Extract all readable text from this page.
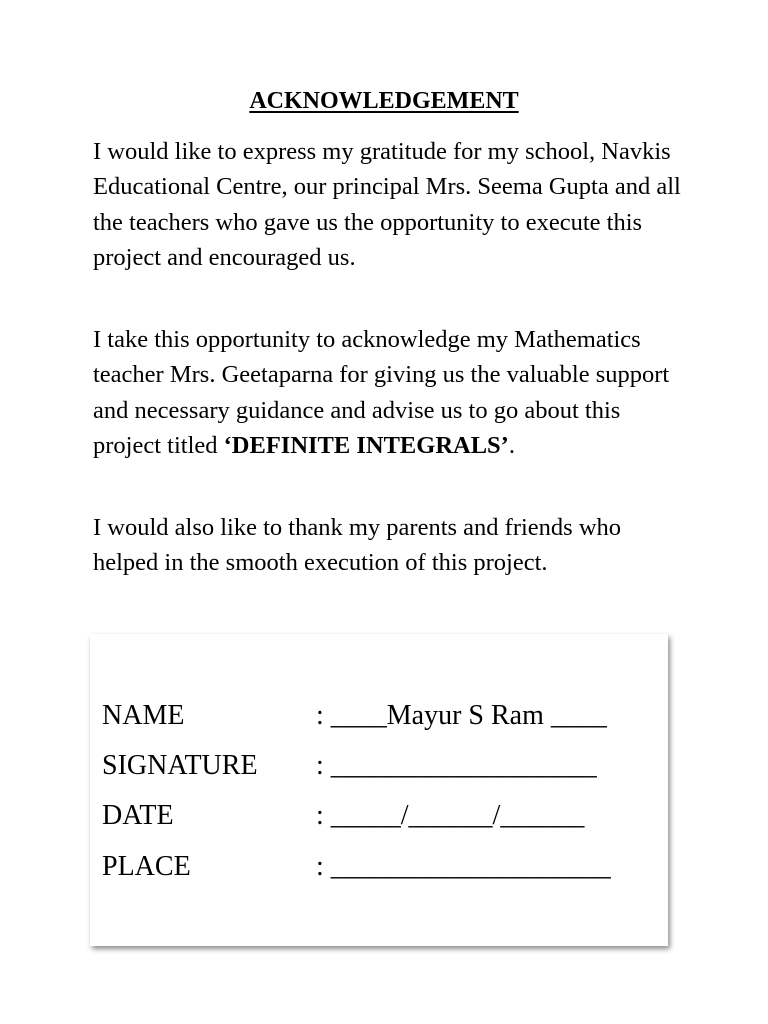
ACKNOWLEDGEMENT

I would like to express my gratitude for my school, Navkis Educational Centre, our principal Mrs. Seema Gupta and all the teachers who gave us the opportunity to execute this project and encouraged us.

I take this opportunity to acknowledge my Mathematics teacher Mrs. Geetaparna for giving us the valuable support and necessary guidance and advise us to go about this project titled ‘DEFINITE INTEGRALS’.

I would also like to thank my parents and friends who helped in the smooth execution of this project.

NAME	: ____Mayur S Ram ____
SIGNATURE : ___________________
DATE	: _____/______/______
PLACE	: ____________________
